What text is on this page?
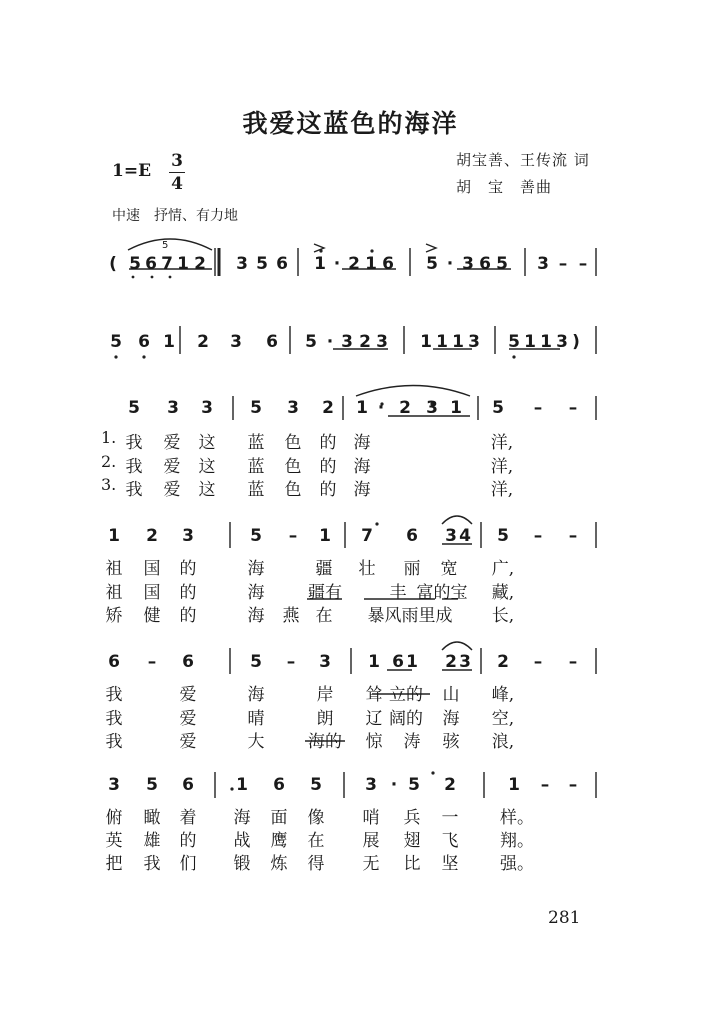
我爱这蓝色的海洋
1=E 3
4
胡宝善、王传流 词
胡　宝　善曲
中速　抒情、有力地
5
281
( 5 6 7 1 2 3 5 6 1 · 2 1 6 5 · 3 6 5 3 – –
5 6 1 2 3 6 5 · 3 2 3 1 1 1 3 5 1 1 3 )
5 3 3 5 3 2 1 · 2 3 1 5	–	–
1.
2.
3.
我 爱 这 蓝 色 的 海	洋,
我 爱 这 蓝 色 的 海	洋,
我 爱 这 蓝 色 的 海	洋,
1 2 3	5	–	1 7 6 3 4 5	–	–
祖 国 的	海	疆 壮 丽 宽	广,
祖 国 的	海	疆有	丰 富的宝	藏,
矫 健 的	海 燕 在	暴风雨里成	长,
6	–	6	5	–	3 1 6 1 2 3 2	–	–
我	爱	海	岸 耸 立的	山	峰,
我	爱	晴	朗 辽 阔的	海	空,
我	爱	大	海的 惊 涛 骇	浪,
3 5 6 1 6 5	3 · 5 2	1	–	–
俯 瞰 着 海 面 像 哨 兵 一 样。
英 雄 的 战 鹰 在 展 翅 飞 翔。
把 我 们 锻 炼 得 无 比 坚 强。
